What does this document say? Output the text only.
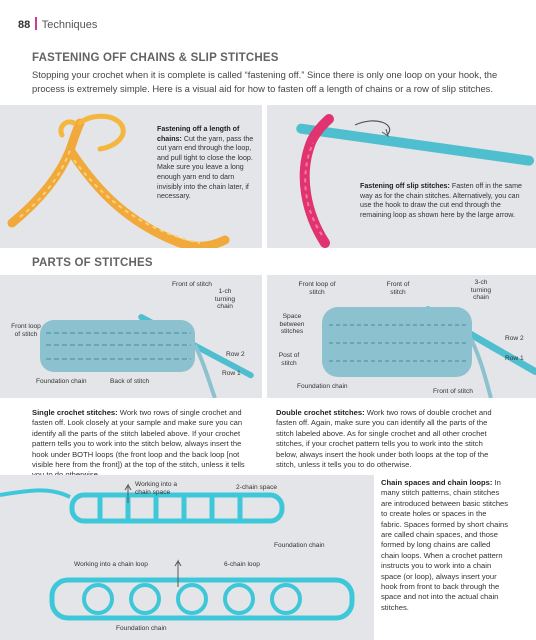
88 Techniques
FASTENING OFF CHAINS & SLIP STITCHES
Stopping your crochet when it is complete is called “fastening off.” Since there is only one loop on your hook, the process is extremely simple. Here is a visual aid for how to fasten off a length of chains or a row of slip stitches.
Fastening off a length of chains: Cut the yarn, pass the cut yarn end through the loop, and pull tight to close the loop. Make sure you leave a long enough yarn end to darn invisibly into the chain later, if necessary.
Fastening off slip stitches: Fasten off in the same way as for the chain stitches. Alternatively, you can use the hook to draw the cut end through the remaining loop as shown here by the large arrow.
PARTS OF STITCHES
Front of stitch
1-ch turning chain
Front loop of stitch
Row 2
Row 1
Foundation chain	Back of stitch
Front loop of stitch
Front of stitch
3-ch turning chain
Space between stitches
Post of stitch
Row 2
Row 1
Foundation chain
Front of stitch
Single crochet stitches: Work two rows of single crochet and fasten off. Look closely at your sample and make sure you can identify all the parts of the stitch labeled above. If your crochet pattern tells you to work into the stitch below, always insert the hook under BOTH loops (the front loop and the back loop [not visible here from the front]) at the top of the stitch, unless it tells
Double crochet stitches: Work two rows of double crochet and fasten off. Again, make sure you can identify all the parts of the stitch labeled above. As for single crochet and all other crochet stitches, if your crochet pattern tells you to work into the stitch below, always insert the hook under both loops at the top of the stitch, unless it tells you to do otherwise.
Working into a chain space
2-chain space
Foundation chain
Working into a chain loop	6-chain loop
Foundation chain
Chain spaces and chain loops: In many stitch patterns, chain stitches are introduced between basic stitches to create holes or spaces in the fabric. Spaces formed by short chains are called chain spaces, and those formed by long chains are called chain loops. When a crochet pattern instructs you to work into a chain space (or loop), always insert your hook from front to back through the space and not into the actual chain stitches.
